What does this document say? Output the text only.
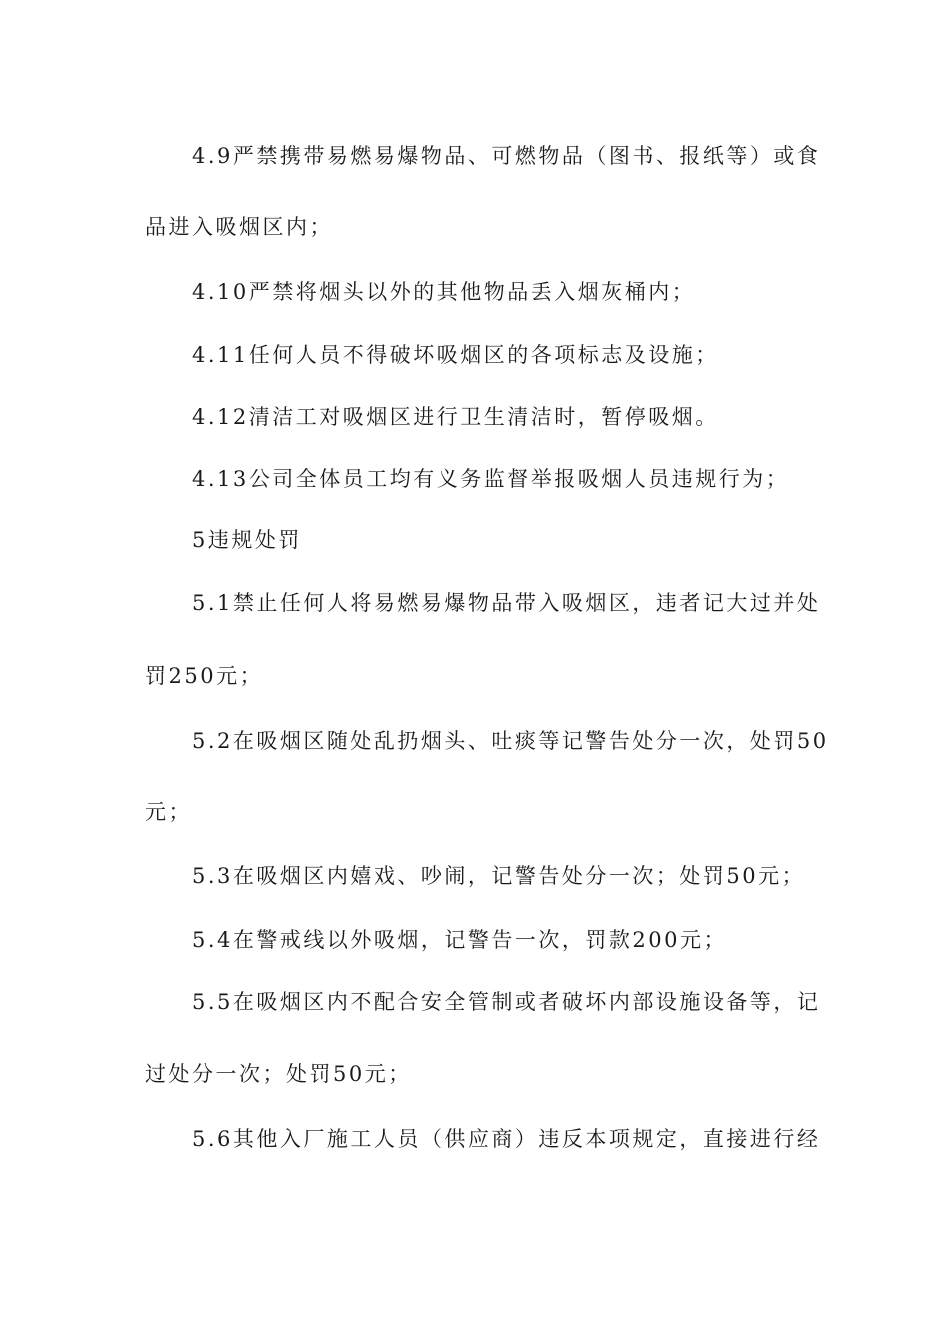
4.9严禁携带易燃易爆物品、可燃物品（图书、报纸等）或食
品进入吸烟区内；
4.10严禁将烟头以外的其他物品丢入烟灰桶内；
4.11任何人员不得破坏吸烟区的各项标志及设施；
4.12清洁工对吸烟区进行卫生清洁时，暂停吸烟。
4.13公司全体员工均有义务监督举报吸烟人员违规行为；
5违规处罚
5.1禁止任何人将易燃易爆物品带入吸烟区，违者记大过并处
罚250元；
5.2在吸烟区随处乱扔烟头、吐痰等记警告处分一次，处罚50
元；
5.3在吸烟区内嬉戏、吵闹，记警告处分一次；处罚50元；
5.4在警戒线以外吸烟，记警告一次，罚款200元；
5.5在吸烟区内不配合安全管制或者破坏内部设施设备等，记
过处分一次；处罚50元；
5.6其他入厂施工人员（供应商）违反本项规定，直接进行经
